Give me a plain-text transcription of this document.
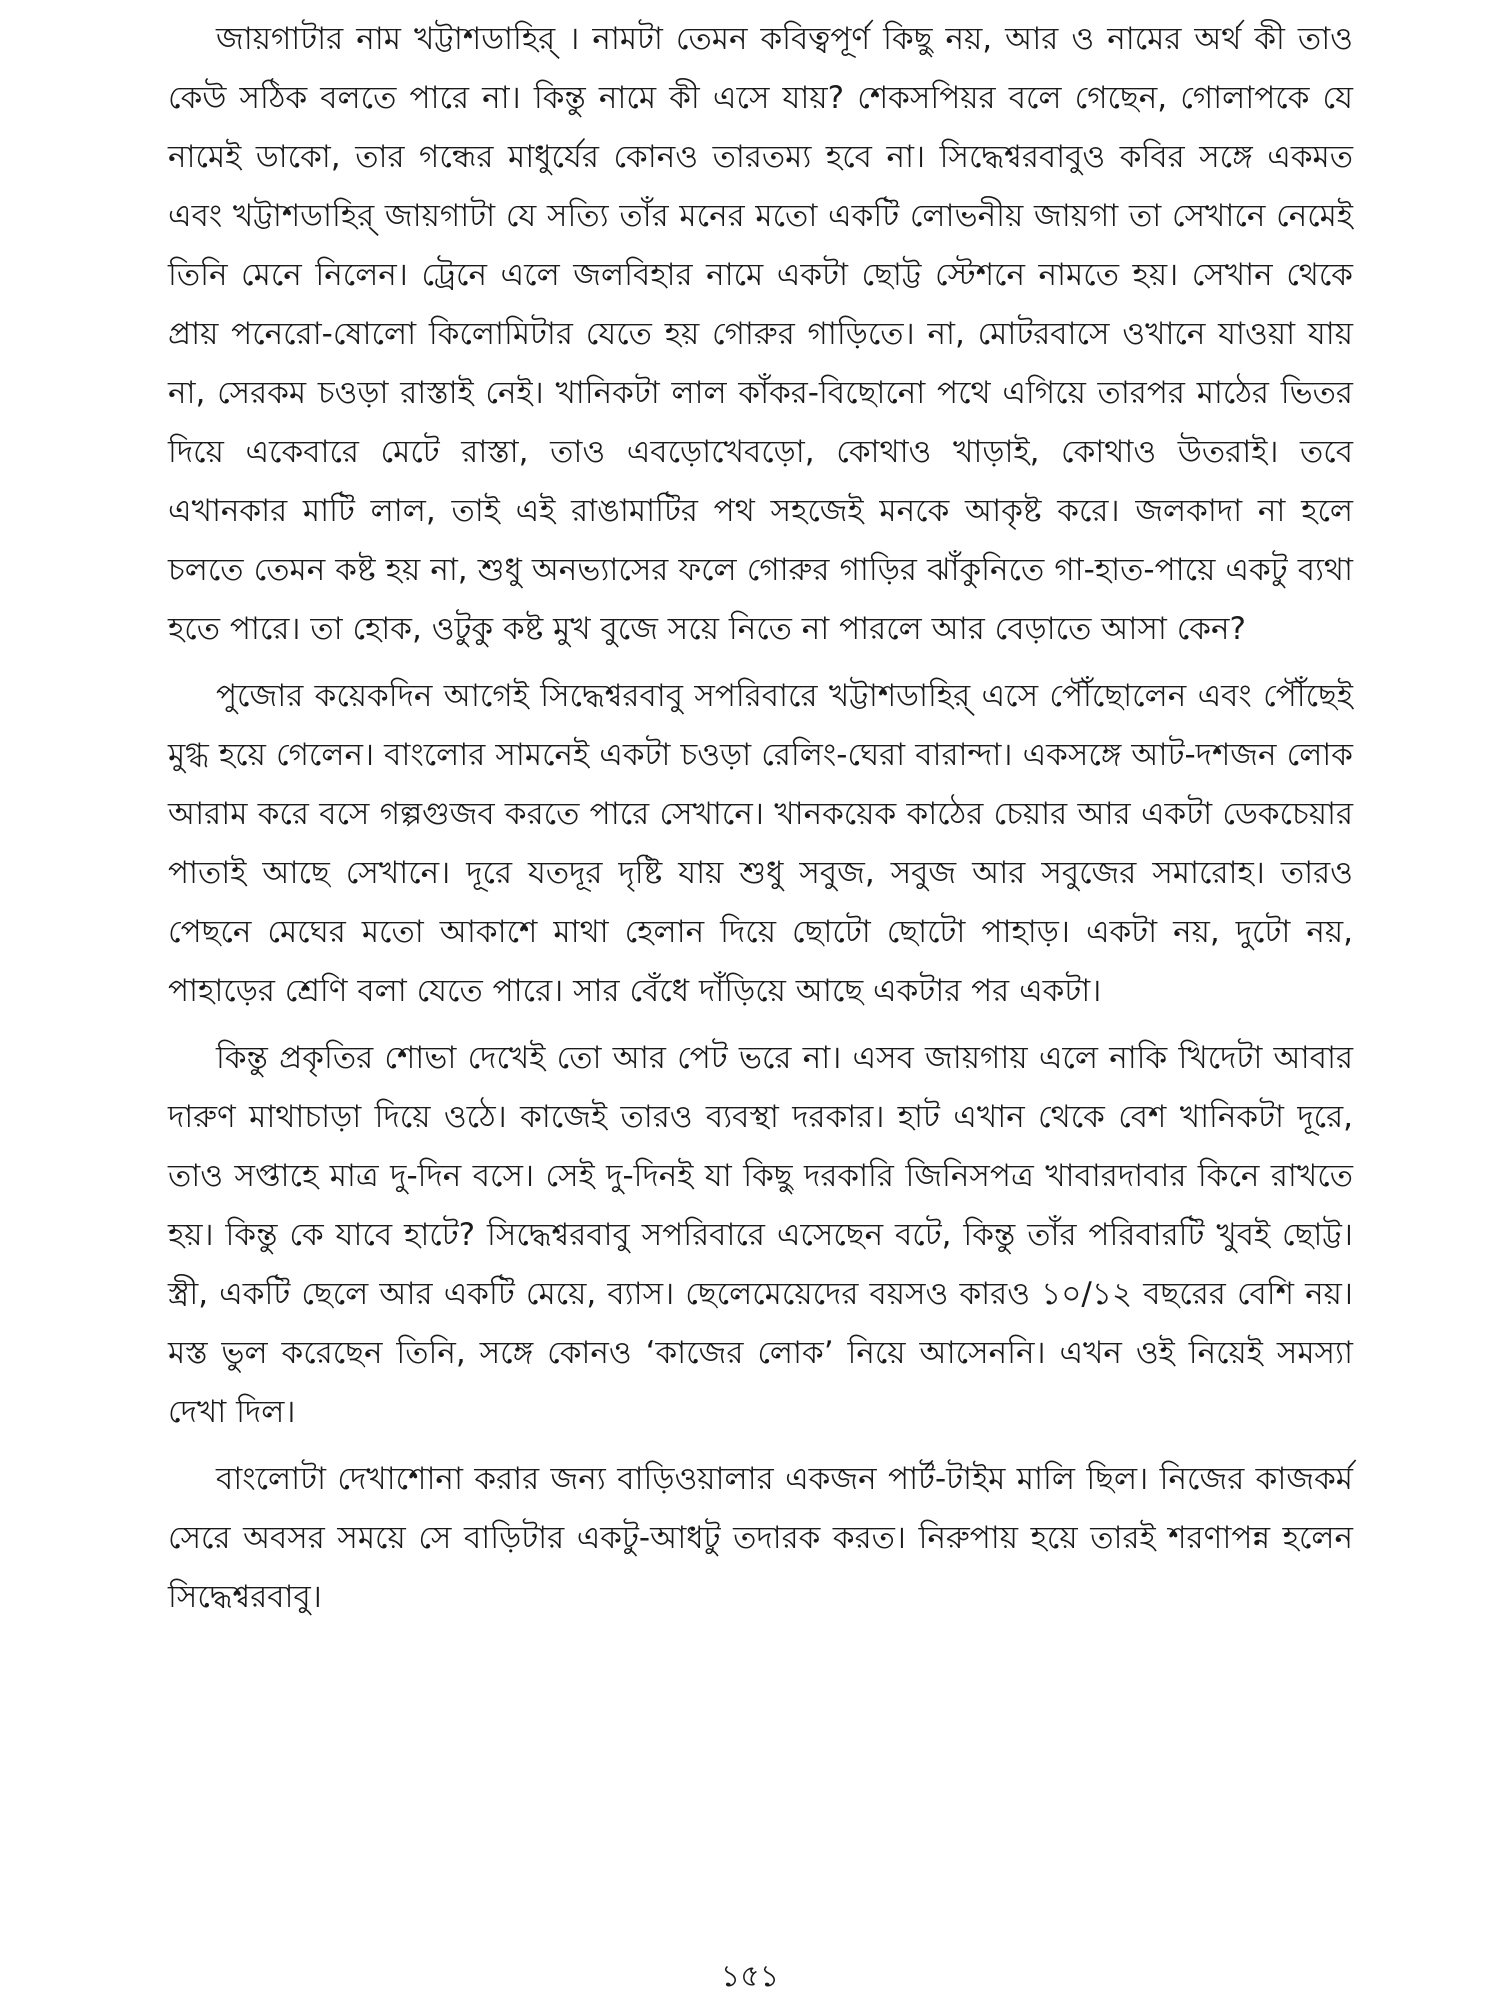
জায়গাটার নাম খট্টাশডাহির্ । নামটা তেমন কবিত্বপূর্ণ কিছু নয়, আর ও নামের অর্থ কী তাও কেউ সঠিক বলতে পারে না। কিন্তু নামে কী এসে যায়? শেকসপিয়র বলে গেছেন, গোলাপকে যে নামেই ডাকো, তার গন্ধের মাধুর্যের কোনও তারতম্য হবে না। সিদ্ধেশ্বরবাবুও কবির সঙ্গে একমত এবং খট্টাশডাহির্ জায়গাটা যে সত্যি তাঁর মনের মতো একটি লোভনীয় জায়গা তা সেখানে নেমেই তিনি মেনে নিলেন। ট্রেনে এলে জলবিহার নামে একটা ছোট্ট স্টেশনে নামতে হয়। সেখান থেকে প্রায় পনেরো-ষোলো কিলোমিটার যেতে হয় গোরুর গাড়িতে। না, মোটরবাসে ওখানে যাওয়া যায় না, সেরকম চওড়া রাস্তাই নেই। খানিকটা লাল কাঁকর-বিছোনো পথে এগিয়ে তারপর মাঠের ভিতর দিয়ে একেবারে মেটে রাস্তা, তাও এবড়োখেবড়ো, কোথাও খাড়াই, কোথাও উতরাই। তবে এখানকার মাটি লাল, তাই এই রাঙামাটির পথ সহজেই মনকে আকৃষ্ট করে। জলকাদা না হলে চলতে তেমন কষ্ট হয় না, শুধু অনভ্যাসের ফলে গোরুর গাড়ির ঝাঁকুনিতে গা-হাত-পায়ে একটু ব্যথা হতে পারে। তা হোক, ওটুকু কষ্ট মুখ বুজে সয়ে নিতে না পারলে আর বেড়াতে আসা কেন?

পুজোর কয়েকদিন আগেই সিদ্ধেশ্বরবাবু সপরিবারে খট্টাশডাহির্ এসে পৌঁছোলেন এবং পৌঁছেই মুগ্ধ হয়ে গেলেন। বাংলোর সামনেই একটা চওড়া রেলিং-ঘেরা বারান্দা। একসঙ্গে আট-দশজন লোক আরাম করে বসে গল্পগুজব করতে পারে সেখানে। খানকয়েক কাঠের চেয়ার আর একটা ডেকচেয়ার পাতাই আছে সেখানে। দূরে যতদূর দৃষ্টি যায় শুধু সবুজ, সবুজ আর সবুজের সমারোহ। তারও পেছনে মেঘের মতো আকাশে মাথা হেলান দিয়ে ছোটো ছোটো পাহাড়। একটা নয়, দুটো নয়, পাহাড়ের শ্রেণি বলা যেতে পারে। সার বেঁধে দাঁড়িয়ে আছে একটার পর একটা।

কিন্তু প্রকৃতির শোভা দেখেই তো আর পেট ভরে না। এসব জায়গায় এলে নাকি খিদেটা আবার দারুণ মাথাচাড়া দিয়ে ওঠে। কাজেই তারও ব্যবস্থা দরকার। হাট এখান থেকে বেশ খানিকটা দূরে, তাও সপ্তাহে মাত্র দু-দিন বসে। সেই দু-দিনই যা কিছু দরকারি জিনিসপত্র খাবারদাবার কিনে রাখতে হয়। কিন্তু কে যাবে হাটে? সিদ্ধেশ্বরবাবু সপরিবারে এসেছেন বটে, কিন্তু তাঁর পরিবারটি খুবই ছোট্ট। স্ত্রী, একটি ছেলে আর একটি মেয়ে, ব্যাস। ছেলেমেয়েদের বয়সও কারও ১০/১২ বছরের বেশি নয়। মস্ত ভুল করেছেন তিনি, সঙ্গে কোনও ‘কাজের লোক’ নিয়ে আসেননি। এখন ওই নিয়েই সমস্যা দেখা দিল।

বাংলোটা দেখাশোনা করার জন্য বাড়িওয়ালার একজন পার্ট-টাইম মালি ছিল। নিজের কাজকর্ম সেরে অবসর সময়ে সে বাড়িটার একটু-আধটু তদারক করত। নিরুপায় হয়ে তারই শরণাপন্ন হলেন সিদ্ধেশ্বরবাবু।

১৫১
